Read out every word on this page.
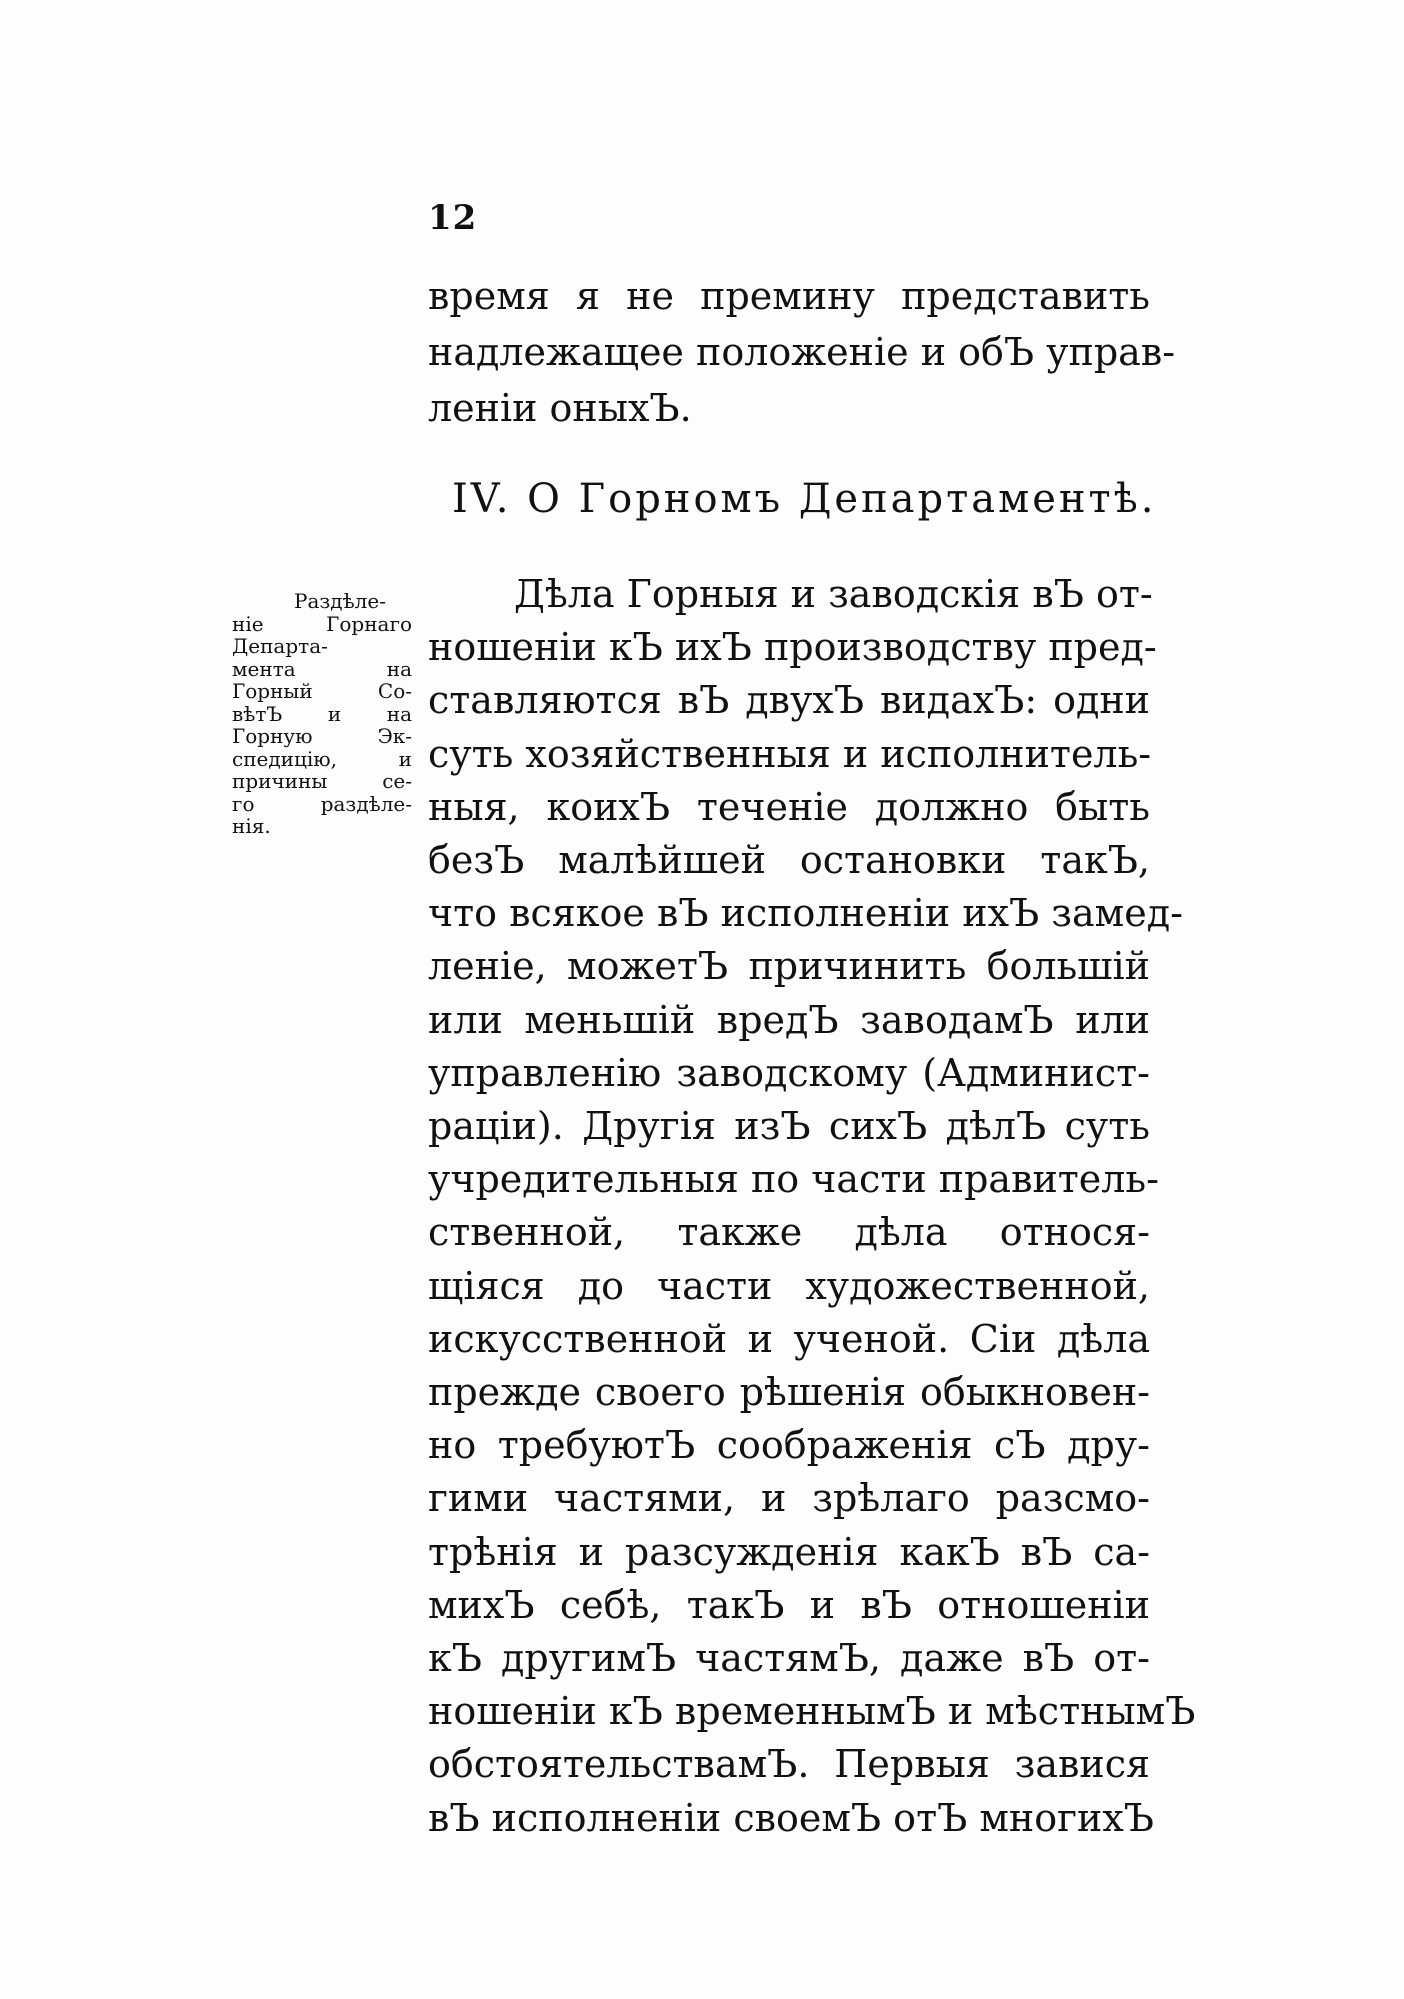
12
время я не премину представить
надлежащее положеніе и обЪ управ-
леніи оныхЪ.
IV. О Горномъ Департаментѣ.
Раздѣле-
ніе Горнаго
Департа-
мента на
Горный Со-
вѣтЪ и на
Горную Эк-
спедицію, и
причины се-
го раздѣле-
нія.
Дѣла Горныя и заводскія вЪ от-
ношеніи кЪ ихЪ производству пред-
ставляются вЪ двухЪ видахЪ: одни
суть хозяйственныя и исполнитель-
ныя, коихЪ теченіе должно быть
безЪ малѣйшей остановки такЪ,
что всякое вЪ исполненіи ихЪ замед-
леніе, можетЪ причинить большій
или меньшій вредЪ заводамЪ или
управленію заводскому (Админист-
раціи). Другія изЪ сихЪ дѣлЪ суть
учредительныя по части правитель-
ственной, также дѣла относя-
щіяся до части художественной,
искусственной и ученой. Сіи дѣла
прежде своего рѣшенія обыкновен-
но требуютЪ соображенія сЪ дру-
гими частями, и зрѣлаго разсмо-
трѣнія и разсужденія какЪ вЪ са-
михЪ себѣ, такЪ и вЪ отношеніи
кЪ другимЪ частямЪ, даже вЪ от-
ношеніи кЪ временнымЪ и мѣстнымЪ
обстоятельствамЪ. Первыя завися
вЪ исполненіи своемЪ отЪ многихЪ
